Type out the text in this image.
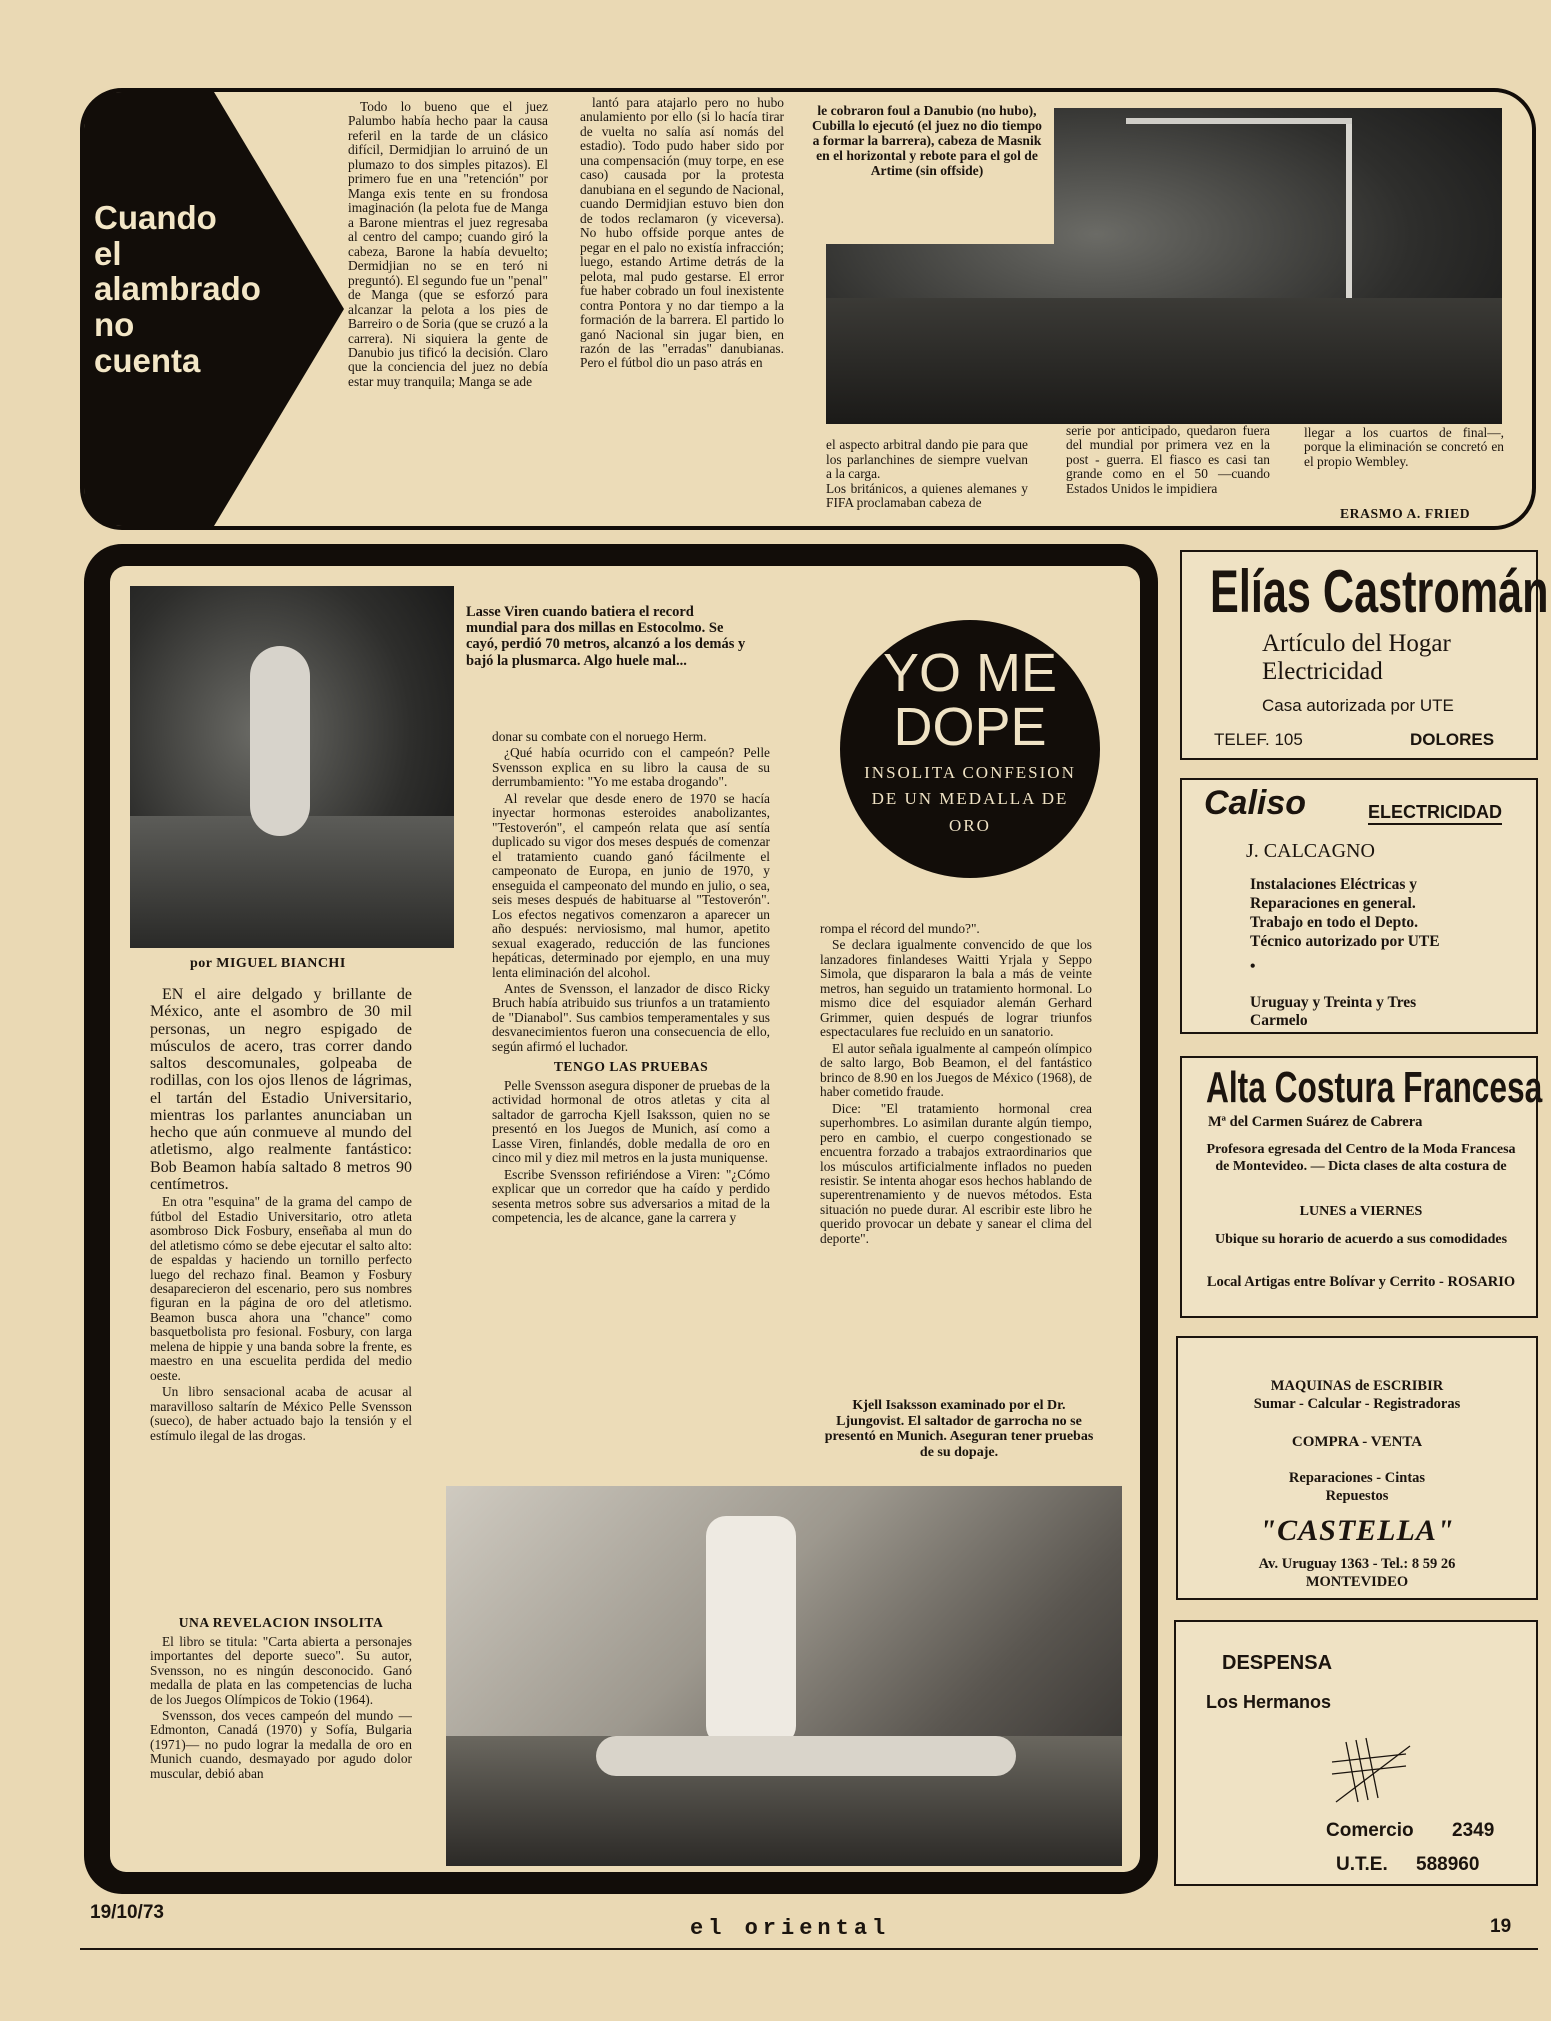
Cuando
el
alambrado
no
cuenta

Todo lo bueno que el juez Palumbo había hecho paar la causa referil en la tarde de un clásico difícil, Dermidjian lo arruinó de un plumazo to dos simples pitazos). El primero fue en una "retención" por Manga exis tente en su frondosa imaginación (la pelota fue de Manga a Barone mientras el juez regresaba al centro del campo; cuando giró la cabeza, Barone la había devuelto; Dermidjian no se en teró ni preguntó). El segundo fue un "penal" de Manga (que se esforzó para alcanzar la pelota a los pies de Barreiro o de Soria (que se cruzó a la carrera). Ni siquiera la gente de Danubio jus tificó la decisión. Claro que la conciencia del juez no debía estar muy tranquila; Manga se ade

lantó para atajarlo pero no hubo anulamiento por ello (si lo hacía tirar de vuelta no salía así nomás del estadio). Todo pudo haber sido por una compensación (muy torpe, en ese caso) causada por la protesta danubiana en el segundo de Nacional, cuando Dermidjian estuvo bien don de todos reclamaron (y viceversa). No hubo offside porque antes de pegar en el palo no existía infracción; luego, estando Artime detrás de la pelota, mal pudo gestarse. El error fue haber cobrado un foul inexistente contra Pontora y no dar tiempo a la formación de la barrera. El partido lo ganó Nacional sin jugar bien, en razón de las "erradas" danubianas. Pero el fútbol dio un paso atrás en

le cobraron foul a Danubio (no hubo), Cubilla lo ejecutó (el juez no dio tiempo a formar la barrera), cabeza de Masnik en el horizontal y rebote para el gol de Artime (sin offside)

el aspecto arbitral dando pie para que los parlanchines de siempre vuelvan a la carga.
Los británicos, a quienes alemanes y FIFA proclamaban cabeza de

serie por anticipado, quedaron fuera del mundial por primera vez en la post - guerra. El fiasco es casi tan grande como en el 50 —cuando Estados Unidos le impidiera
llegar a los cuartos de final—, porque la eliminación se concretó en el propio Wembley.
ERASMO A. FRIED
Lasse Viren cuando batiera el record mundial para dos millas en Estocolmo. Se cayó, perdió 70 metros, alcanzó a los demás y bajó la plusmarca. Algo huele mal...	YO ME DOPE
INSOLITA CONFESION DE UN MEDALLA DE ORO
por MIGUEL BIANCHI

EN el aire delgado y brillante de México, ante el asombro de 30 mil personas, un negro espigado de músculos de acero, tras correr dando saltos descomunales, golpeaba de rodillas, con los ojos llenos de lágrimas, el tartán del Estadio Universitario, mientras los parlantes anunciaban un hecho que aún conmueve al mundo del atletismo, algo realmente fantástico: Bob Beamon había saltado 8 metros 90 centímetros.

En otra "esquina" de la grama del campo de fútbol del Estadio Universitario, otro atleta asombroso Dick Fosbury, enseñaba al mun do del atletismo cómo se debe ejecutar el salto alto: de espaldas y haciendo un tornillo perfecto luego del rechazo final. Beamon y Fosbury desaparecieron del escenario, pero sus nombres figuran en la página de oro del atletismo. Beamon busca ahora una "chance" como basquetbolista pro fesional. Fosbury, con larga melena de hippie y una banda sobre la frente, es maestro en una escuelita perdida del medio oeste.

Un libro sensacional acaba de acusar al maravilloso saltarín de México Pelle Svensson (sueco), de haber actuado bajo la tensión y el estímulo ilegal de las drogas.

UNA REVELACION INSOLITA

El libro se titula: "Carta abierta a personajes importantes del deporte sueco". Su autor, Svensson, no es ningún desconocido. Ganó medalla de plata en las competencias de lucha de los Juegos Olímpicos de Tokio (1964).

Svensson, dos veces campeón del mundo —Edmonton, Canadá (1970) y Sofía, Bulgaria (1971)— no pudo lograr la medalla de oro en Munich cuando, desmayado por agudo dolor muscular, debió aban

donar su combate con el noruego Herm.

¿Qué había ocurrido con el campeón? Pelle Svensson explica en su libro la causa de su derrumbamiento: "Yo me estaba drogando".

Al revelar que desde enero de 1970 se hacía inyectar hormonas esteroides anabolizantes, "Testoverón", el campeón relata que así sentía duplicado su vigor dos meses después de comenzar el tratamiento cuando ganó fácilmente el campeonato de Europa, en junio de 1970, y enseguida el campeonato del mundo en julio, o sea, seis meses después de habituarse al "Testoverón". Los efectos negativos comenzaron a aparecer un año después: nerviosismo, mal humor, apetito sexual exagerado, reducción de las funciones hepáticas, determinado por ejemplo, en una muy lenta eliminación del alcohol.

Antes de Svensson, el lanzador de disco Ricky Bruch había atribuido sus triunfos a un tratamiento de "Dianabol". Sus cambios temperamentales y sus desvanecimientos fueron una consecuencia de ello, según afirmó el luchador.

TENGO LAS PRUEBAS

Pelle Svensson asegura disponer de pruebas de la actividad hormonal de otros atletas y cita al saltador de garrocha Kjell Isaksson, quien no se presentó en los Juegos de Munich, así como a Lasse Viren, finlandés, doble medalla de oro en cinco mil y diez mil metros en la justa muniquense.

Escribe Svensson refiriéndose a Viren: "¿Cómo explicar que un corredor que ha caído y perdido sesenta metros sobre sus adversarios a mitad de la competencia, les de alcance, gane la carrera y

rompa el récord del mundo?".

Se declara igualmente convencido de que los lanzadores finlandeses Waitti Yrjala y Seppo Simola, que dispararon la bala a más de veinte metros, han seguido un tratamiento hormonal. Lo mismo dice del esquiador alemán Gerhard Grimmer, quien después de lograr triunfos espectaculares fue recluido en un sanatorio.

El autor señala igualmente al campeón olímpico de salto largo, Bob Beamon, el del fantástico brinco de 8.90 en los Juegos de México (1968), de haber cometido fraude.

Dice: "El tratamiento hormonal crea superhombres. Lo asimilan durante algún tiempo, pero en cambio, el cuerpo congestionado se encuentra forzado a trabajos extraordinarios que los músculos artificialmente inflados no pueden resistir. Se intenta ahogar esos hechos hablando de superentrenamiento y de nuevos métodos. Esta situación no puede durar. Al escribir este libro he querido provocar un debate y sanear el clima del deporte".

Kjell Isaksson examinado por el Dr. Ljungovist. El saltador de garrocha no se presentó en Munich. Aseguran tener pruebas de su dopaje.
Elías Castromán
Artículo del Hogar
Electricidad
Casa autorizada por UTE
TELEF. 105	DOLORES
Caliso	ELECTRICIDAD
J. CALCAGNO
Instalaciones Eléctricas y
Reparaciones en general.
Trabajo en todo el Depto.
Técnico autorizado por UTE
•
Uruguay y Treinta y Tres
Carmelo
Alta Costura Francesa
Mª del Carmen Suárez de Cabrera
Profesora egresada del Centro de la Moda Francesa de Montevideo. — Dicta clases de alta costura de
LUNES a VIERNES
Ubique su horario de acuerdo a sus comodidades
Local Artigas entre Bolívar y Cerrito - ROSARIO
MAQUINAS de ESCRIBIR
Sumar - Calcular - Registradoras
COMPRA - VENTA
Reparaciones - Cintas
Repuestos
"CASTELLA"
Av. Uruguay 1363 - Tel.: 8 59 26
MONTEVIDEO
DESPENSA
Los Hermanos
Comercio 2349
U.T.E. 588960
19/10/73
el oriental	19
